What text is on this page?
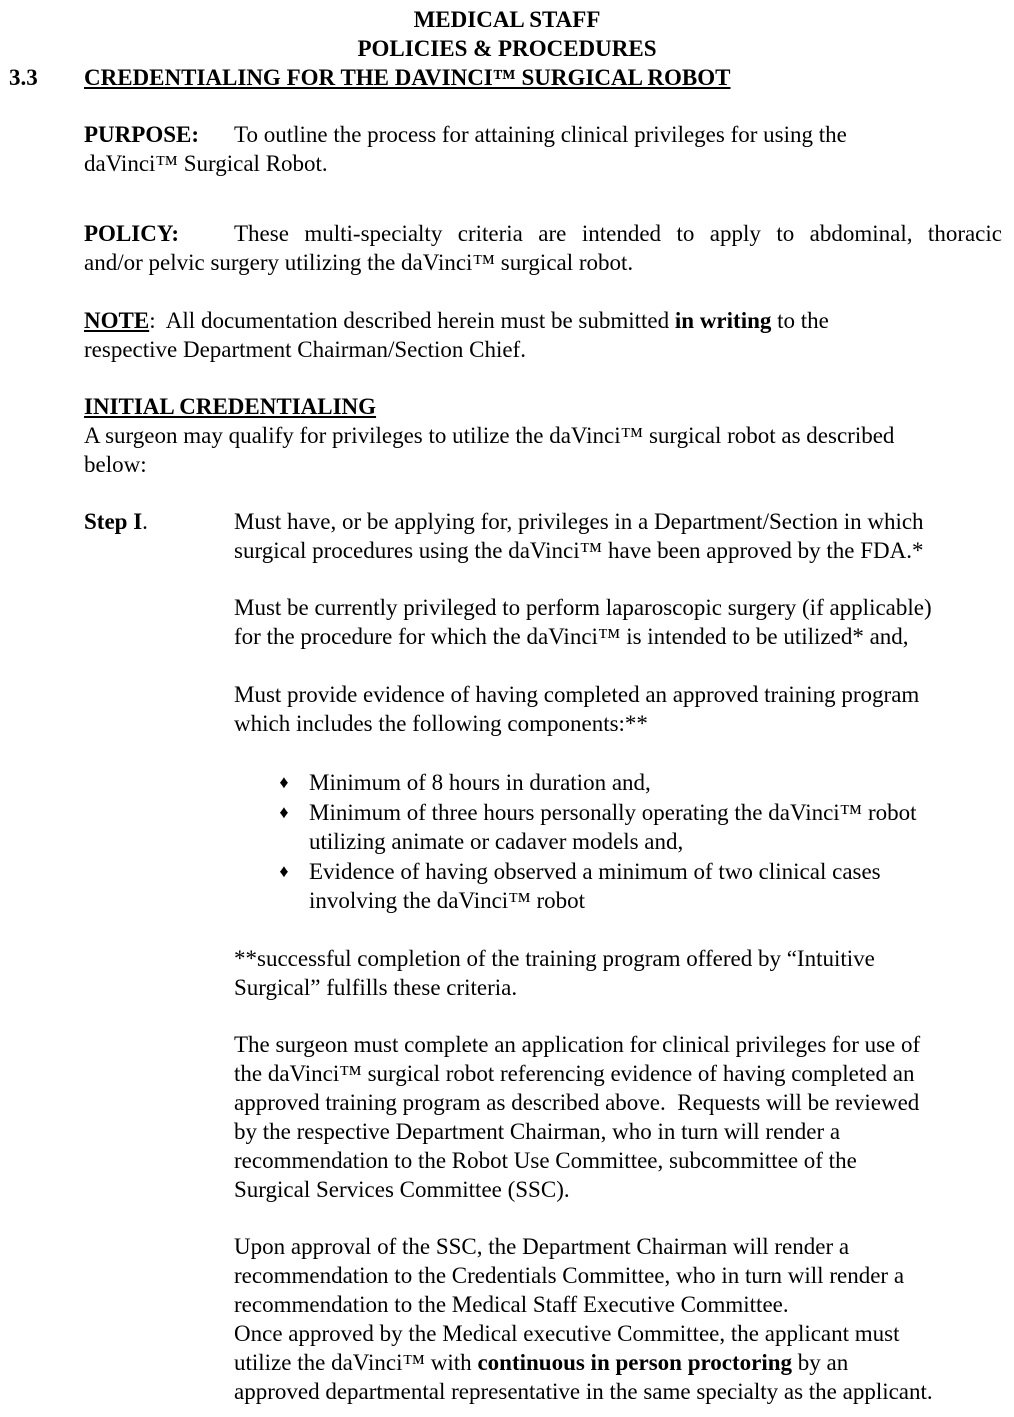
MEDICAL STAFF
POLICIES & PROCEDURES
3.3 CREDENTIALING FOR THE DAVINCI™ SURGICAL ROBOT
PURPOSE: To outline the process for attaining clinical privileges for using the
daVinci™ Surgical Robot.
POLICY: These multi-specialty criteria are intended to apply to abdominal, thoracic
and/or pelvic surgery utilizing the daVinci™ surgical robot.
NOTE:  All documentation described herein must be submitted in writing to the
respective Department Chairman/Section Chief.
INITIAL CREDENTIALING
A surgeon may qualify for privileges to utilize the daVinci™ surgical robot as described
below:
Step I.	Must have, or be applying for, privileges in a Department/Section in which
surgical procedures using the daVinci™ have been approved by the FDA.*
Must be currently privileged to perform laparoscopic surgery (if applicable)
for the procedure for which the daVinci™ is intended to be utilized* and,
Must provide evidence of having completed an approved training program
which includes the following components:**
♦ Minimum of 8 hours in duration and,
♦ Minimum of three hours personally operating the daVinci™ robot
utilizing animate or cadaver models and,
♦ Evidence of having observed a minimum of two clinical cases
involving the daVinci™ robot
**successful completion of the training program offered by “Intuitive
Surgical” fulfills these criteria.
The surgeon must complete an application for clinical privileges for use of
the daVinci™ surgical robot referencing evidence of having completed an
approved training program as described above.  Requests will be reviewed
by the respective Department Chairman, who in turn will render a
recommendation to the Robot Use Committee, subcommittee of the
Surgical Services Committee (SSC).
Upon approval of the SSC, the Department Chairman will render a
recommendation to the Credentials Committee, who in turn will render a
recommendation to the Medical Staff Executive Committee.
Once approved by the Medical executive Committee, the applicant must
utilize the daVinci™ with continuous in person proctoring by an
approved departmental representative in the same specialty as the applicant.
